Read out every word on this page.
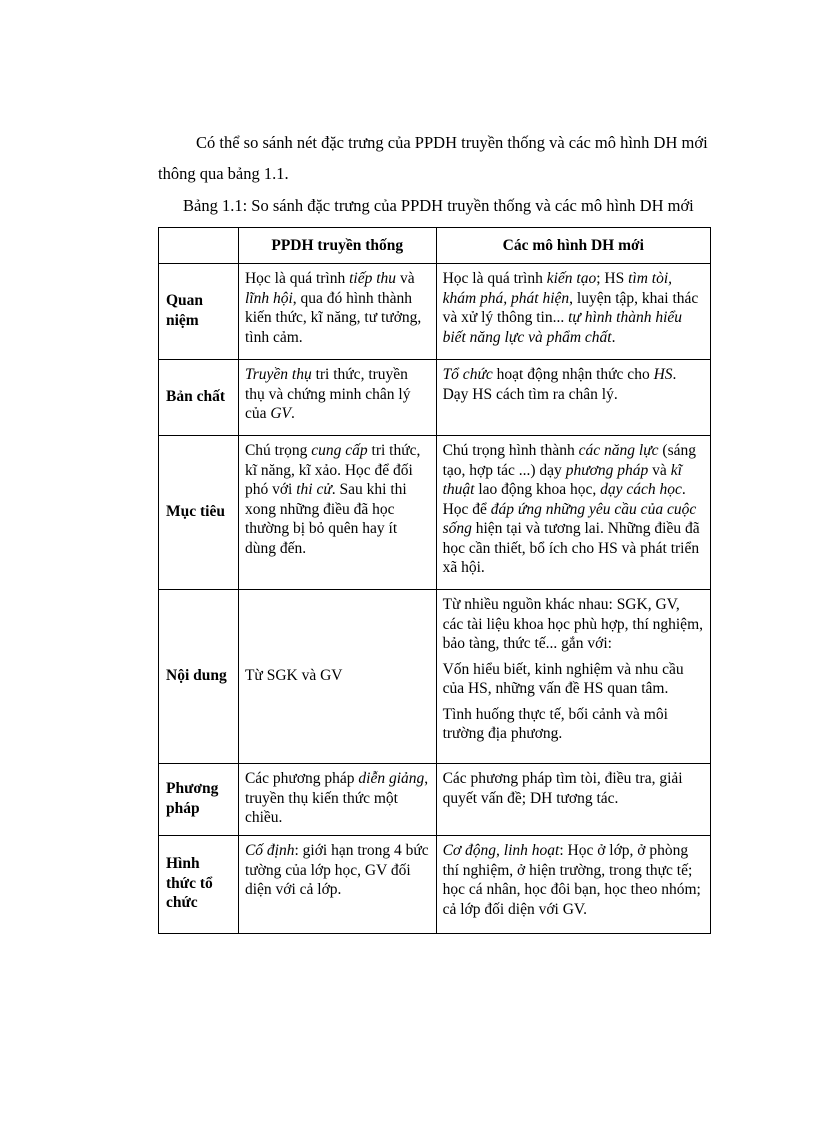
Có thể so sánh nét đặc trưng của PPDH truyền thống và các mô hình DH mới
thông qua bảng 1.1.
Bảng 1.1: So sánh đặc trưng của PPDH truyền thống và các mô hình DH mới
	PPDH truyền thống	Các mô hình DH mới
Quan niệm	Học là quá trình tiếp thu và lĩnh hội, qua đó hình thành kiến thức, kĩ năng, tư tưởng, tình cảm.	Học là quá trình kiến tạo; HS tìm tòi, khám phá, phát hiện, luyện tập, khai thác và xử lý thông tin... tự hình thành hiểu biết năng lực và phẩm chất.

Bản chất	Truyền thụ tri thức, truyền thụ và chứng minh chân lý của GV.	Tổ chức hoạt động nhận thức cho HS. Dạy HS cách tìm ra chân lý.

Mục tiêu	Chú trọng cung cấp tri thức, kĩ năng, kĩ xảo. Học để đối phó với thi cử. Sau khi thi xong những điều đã học thường bị bỏ quên hay ít dùng đến.	Chú trọng hình thành các năng lực (sáng tạo, hợp tác ...) dạy phương pháp và kĩ thuật lao động khoa học, dạy cách học. Học để đáp ứng những yêu cầu của cuộc sống hiện tại và tương lai. Những điều đã học cần thiết, bổ ích cho HS và phát triển xã hội.

Nội dung	Từ SGK và GV	Từ nhiều nguồn khác nhau: SGK, GV, các tài liệu khoa học phù hợp, thí nghiệm, bảo tàng, thức tế... gắn với:
Vốn hiểu biết, kinh nghiệm và nhu cầu của HS, những vấn đề HS quan tâm.
Tình huống thực tế, bối cảnh và môi trường địa phương.

Phương pháp	Các phương pháp diễn giảng, truyền thụ kiến thức một chiều.	Các phương pháp tìm tòi, điều tra, giải quyết vấn đề; DH tương tác.

Hình thức tổ chức	Cố định: giới hạn trong 4 bức tường của lớp học, GV đối diện với cả lớp.	Cơ động, linh hoạt: Học ở lớp, ở phòng thí nghiệm, ở hiện trường, trong thực tế; học cá nhân, học đôi bạn, học theo nhóm; cả lớp đối diện với GV.
